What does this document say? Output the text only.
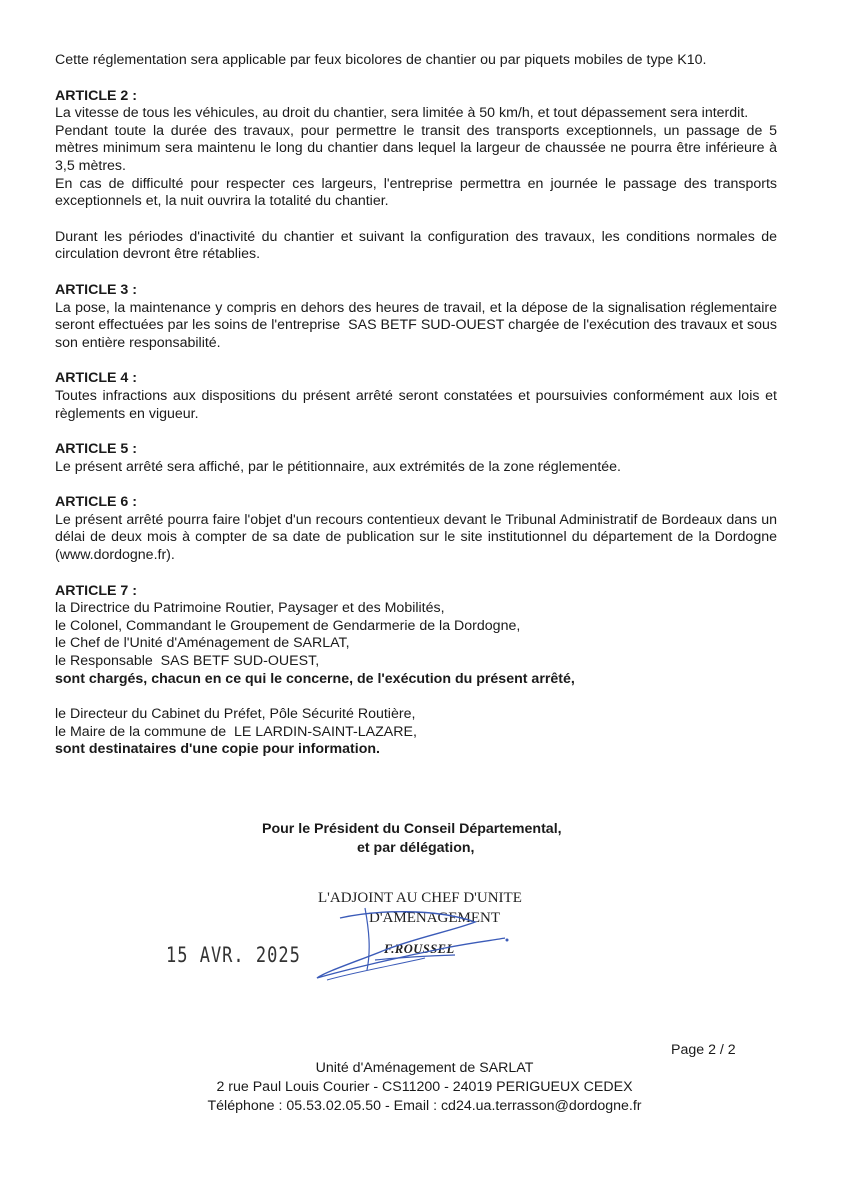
Cette réglementation sera applicable par feux bicolores de chantier ou par piquets mobiles de type K10.

ARTICLE 2 :

La vitesse de tous les véhicules, au droit du chantier, sera limitée à 50 km/h, et tout dépassement sera interdit.

Pendant toute la durée des travaux, pour permettre le transit des transports exceptionnels, un passage de 5 mètres minimum sera maintenu le long du chantier dans lequel la largeur de chaussée ne pourra être inférieure à 3,5 mètres.

En cas de difficulté pour respecter ces largeurs, l'entreprise permettra en journée le passage des transports exceptionnels et, la nuit ouvrira la totalité du chantier.

Durant les périodes d'inactivité du chantier et suivant la configuration des travaux, les conditions normales de circulation devront être rétablies.

ARTICLE 3 :

La pose, la maintenance y compris en dehors des heures de travail, et la dépose de la signalisation réglementaire seront effectuées par les soins de l'entreprise  SAS BETF SUD-OUEST chargée de l'exécution des travaux et sous son entière responsabilité.

ARTICLE 4 :

Toutes infractions aux dispositions du présent arrêté seront constatées et poursuivies conformément aux lois et règlements en vigueur.

ARTICLE 5 :

Le présent arrêté sera affiché, par le pétitionnaire, aux extrémités de la zone réglementée.

ARTICLE 6 :

Le présent arrêté pourra faire l'objet d'un recours contentieux devant le Tribunal Administratif de Bordeaux dans un délai de deux mois à compter de sa date de publication sur le site institutionnel du département de la Dordogne (www.dordogne.fr).

ARTICLE 7 :

la Directrice du Patrimoine Routier, Paysager et des Mobilités,

le Colonel, Commandant le Groupement de Gendarmerie de la Dordogne,

le Chef de l'Unité d'Aménagement de SARLAT,

le Responsable  SAS BETF SUD-OUEST,

sont chargés, chacun en ce qui le concerne, de l'exécution du présent arrêté,

le Directeur du Cabinet du Préfet, Pôle Sécurité Routière,

le Maire de la commune de  LE LARDIN-SAINT-LAZARE,

sont destinataires d'une copie pour information.

Pour le Président du Conseil Départemental,
et par délégation,
L'ADJOINT AU CHEF D'UNITE
D'AMENAGEMENT
F.ROUSSEL
15 AVR. 2025
Page 2 / 2
Unité d'Aménagement de SARLAT
2 rue Paul Louis Courier - CS11200 - 24019 PERIGUEUX CEDEX
Téléphone : 05.53.02.05.50 - Email : cd24.ua.terrasson@dordogne.fr
